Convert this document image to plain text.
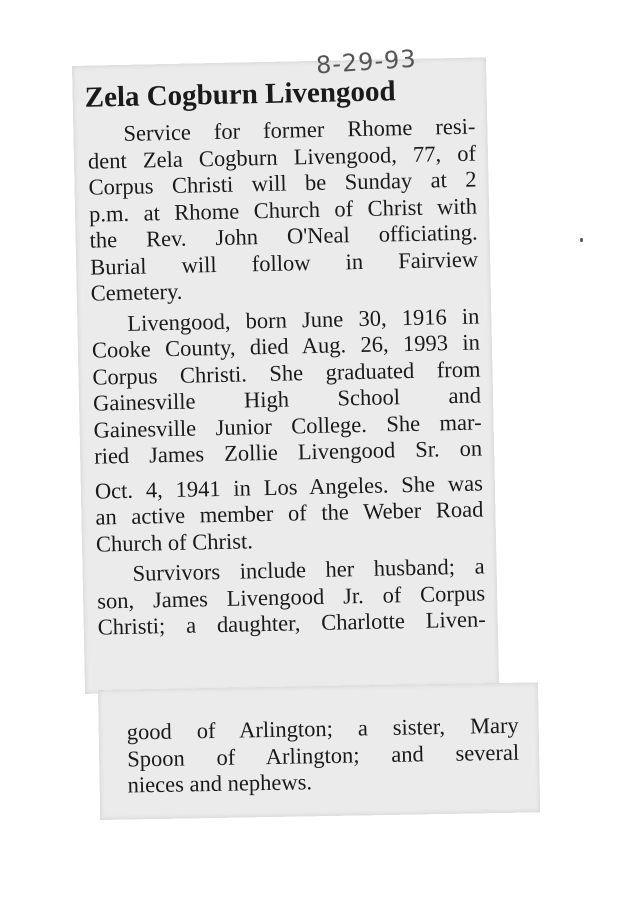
Zela Cogburn Livengood
Service for former Rhome resi-
dent Zela Cogburn Livengood, 77, of
Corpus Christi will be Sunday at 2
p.m. at Rhome Church of Christ with
the Rev. John O'Neal officiating.
Burial will follow in Fairview
Cemetery.
Livengood, born June 30, 1916 in
Cooke County, died Aug. 26, 1993 in
Corpus Christi. She graduated from
Gainesville High School and
Gainesville Junior College. She mar-
ried James Zollie Livengood Sr. on
Oct. 4, 1941 in Los Angeles. She was
an active member of the Weber Road
Church of Christ.
Survivors include her husband; a
son, James Livengood Jr. of Corpus
Christi; a daughter, Charlotte Liven-
8-29-93
good of Arlington; a sister, Mary
Spoon of Arlington; and several
nieces and nephews.
